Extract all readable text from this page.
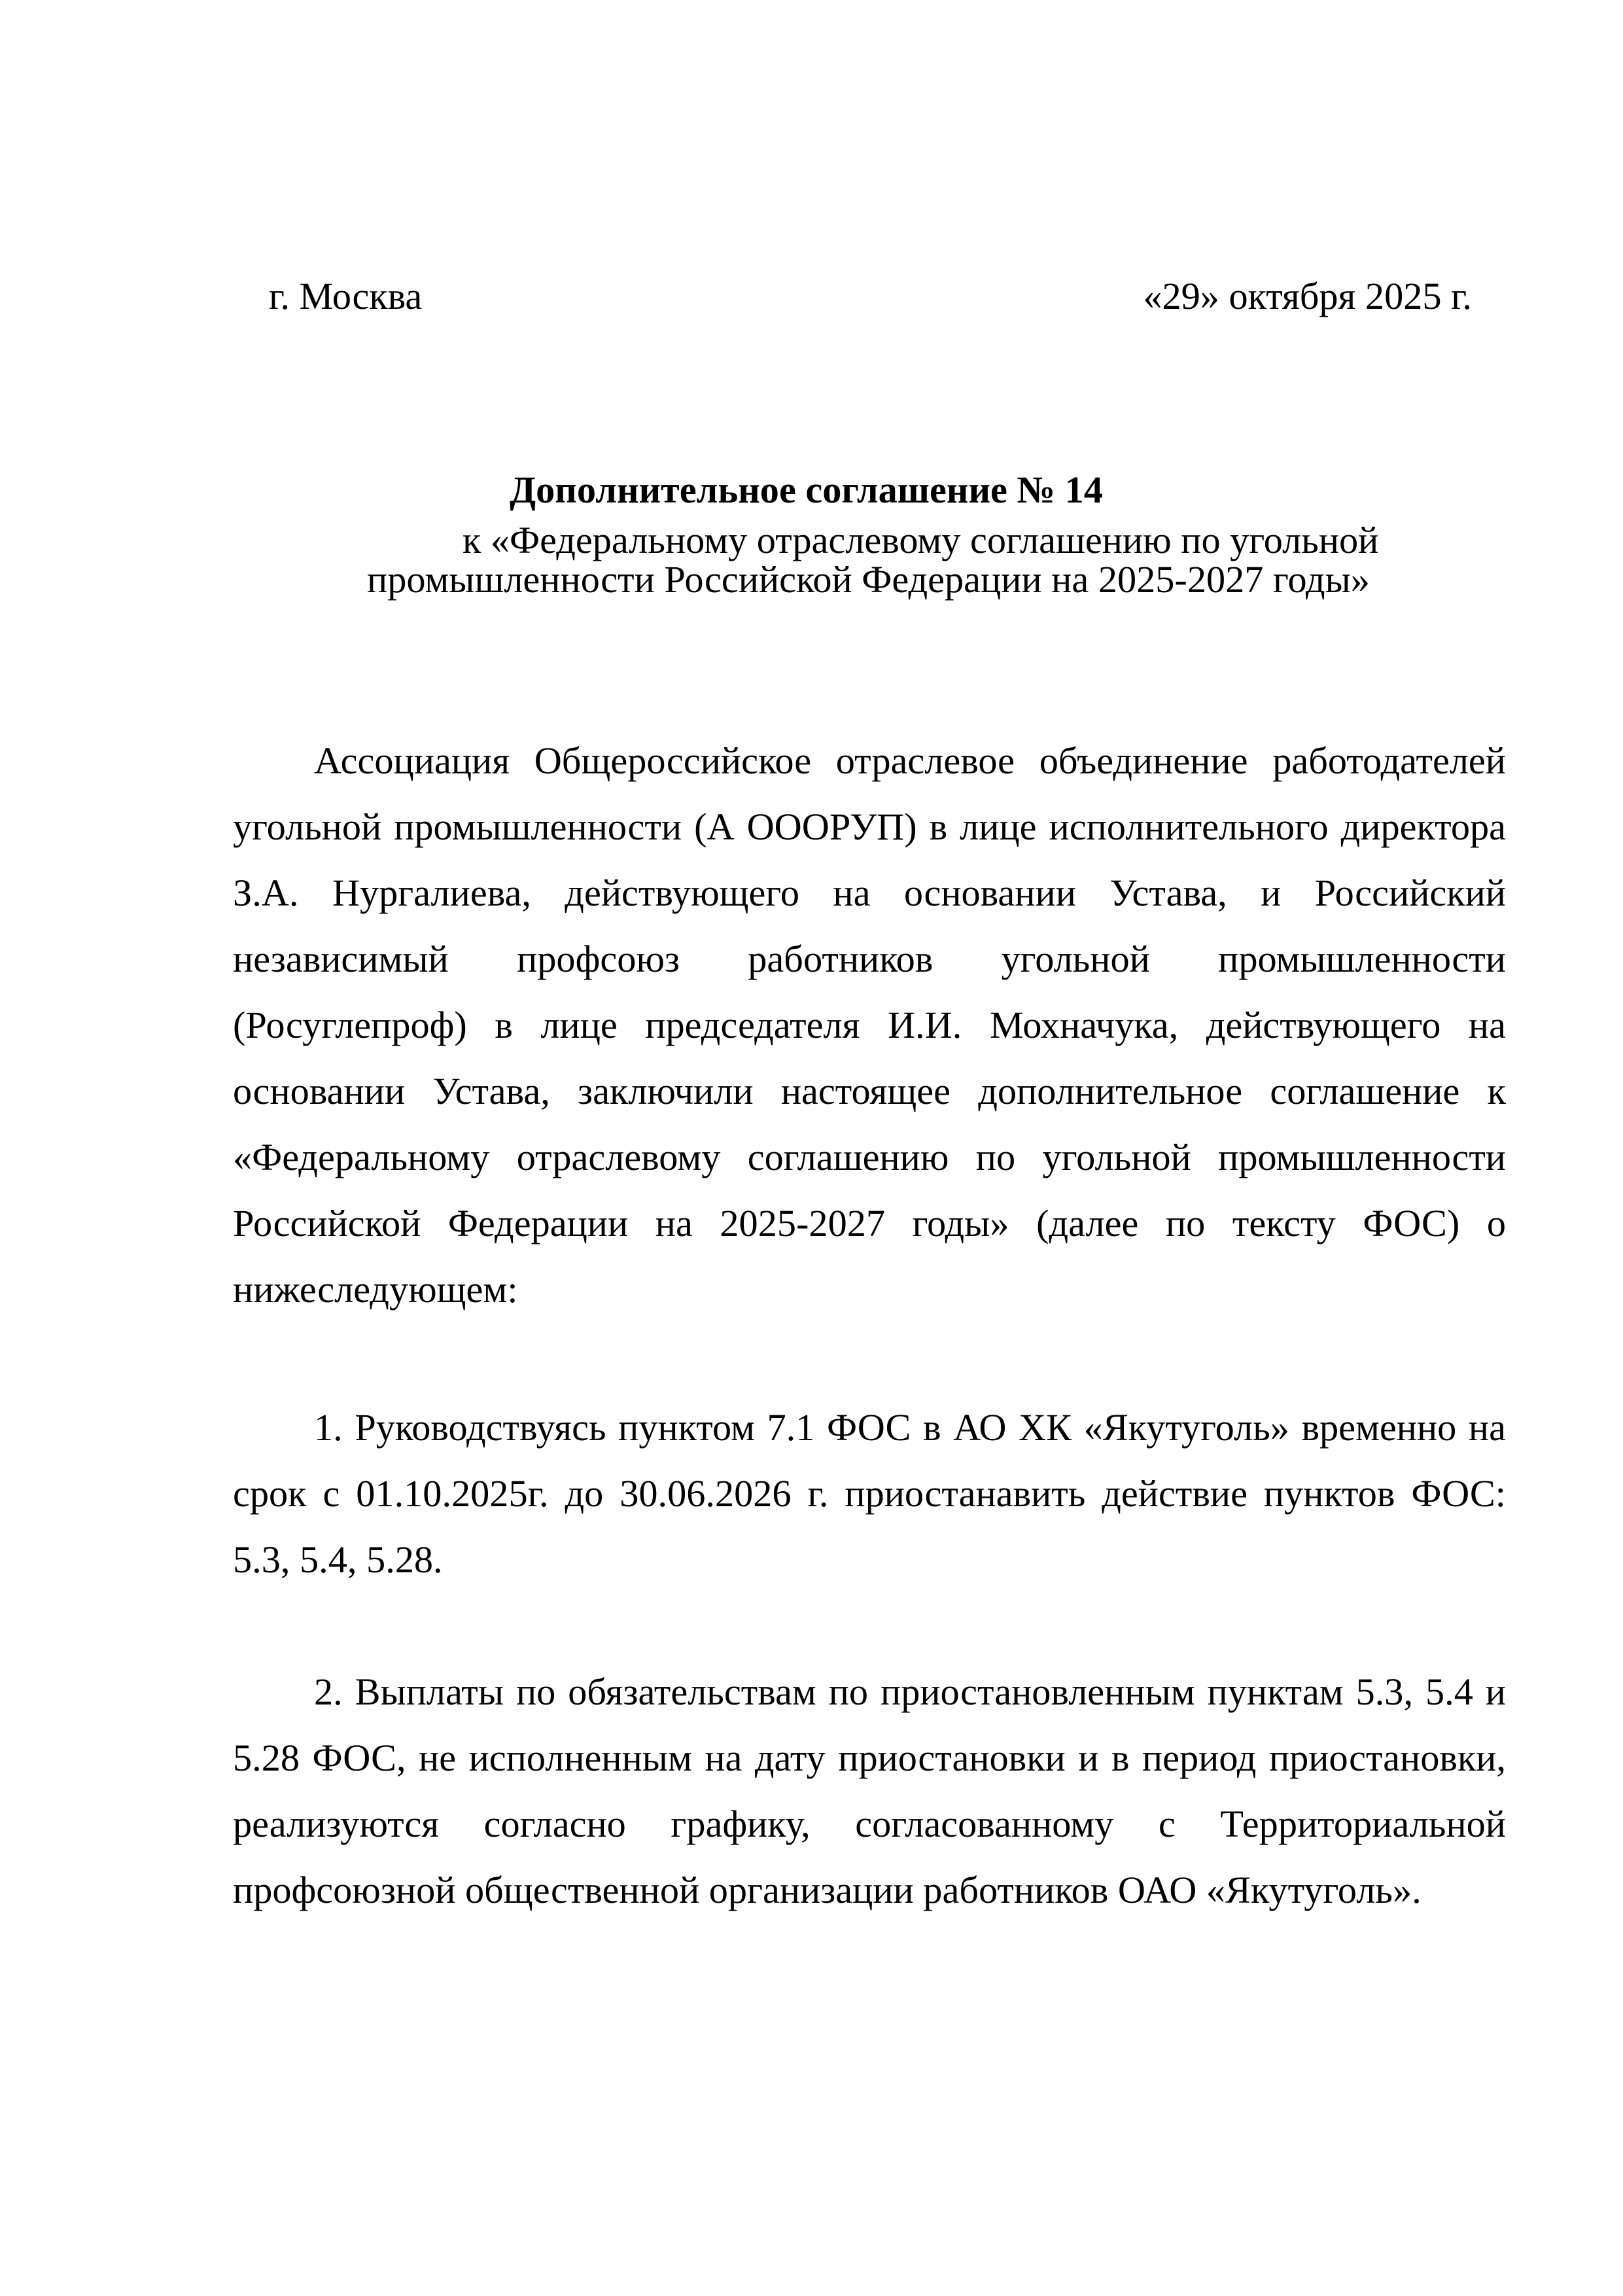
г. Москва	«29» октября 2025 г.
Дополнительное соглашение № 14
к «Федеральному отраслевому соглашению по угольной
промышленности Российской Федерации на 2025-2027 годы»
Ассоциация Общероссийское отраслевое объединение работодателей
угольной промышленности (А ОООРУП) в лице исполнительного директора
З.А. Нургалиева, действующего на основании Устава, и Российский
независимый профсоюз работников угольной промышленности
(Росуглепроф) в лице председателя И.И. Мохначука, действующего на
основании Устава, заключили настоящее дополнительное соглашение к
«Федеральному отраслевому соглашению по угольной промышленности
Российской Федерации на 2025-2027 годы» (далее по тексту ФОС) о
нижеследующем:
1. Руководствуясь пунктом 7.1 ФОС в АО ХК «Якутуголь» временно на
срок с 01.10.2025г. до 30.06.2026 г. приостанавить действие пунктов ФОС:
5.3, 5.4, 5.28.
2. Выплаты по обязательствам по приостановленным пунктам 5.3, 5.4 и
5.28 ФОС, не исполненным на дату приостановки и в период приостановки,
реализуются согласно графику, согласованному с Территориальной
профсоюзной общественной организации работников ОАО «Якутуголь».
